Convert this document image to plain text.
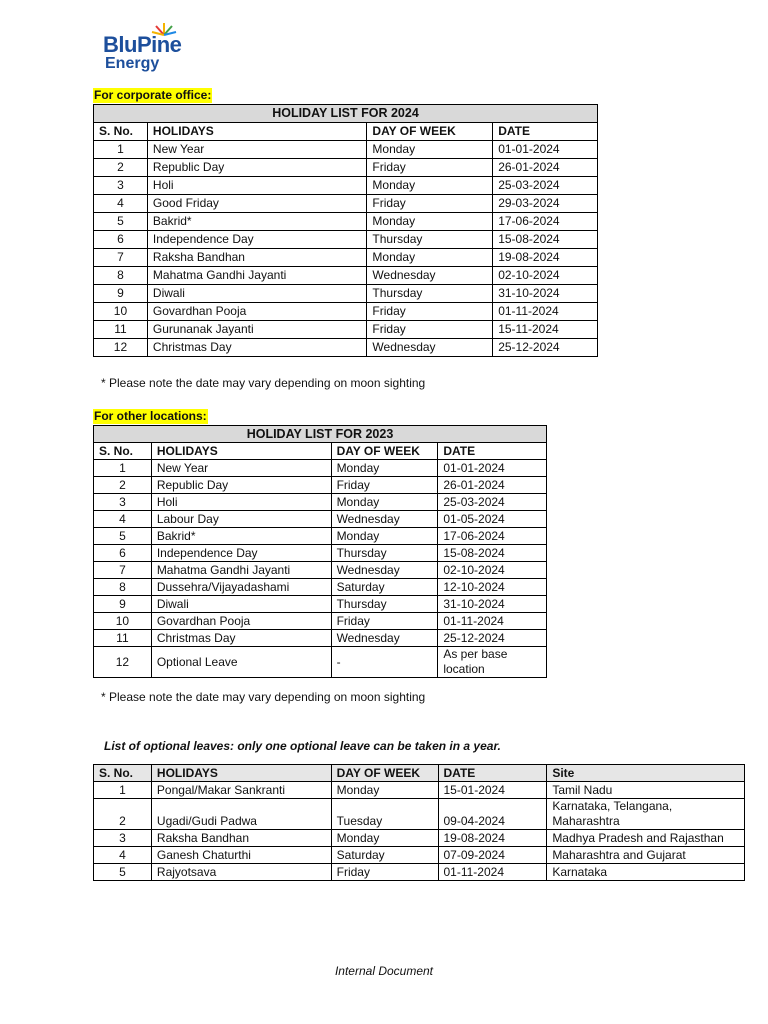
BluPine
Energy
For corporate office:
HOLIDAY LIST FOR 2024			
S. No.	HOLIDAYS	DAY OF WEEK	DATE
1	New Year	Monday	01-01-2024
2	Republic Day	Friday	26-01-2024
3	Holi	Monday	25-03-2024
4	Good Friday	Friday	29-03-2024
5	Bakrid*	Monday	17-06-2024
6	Independence Day	Thursday	15-08-2024
7	Raksha Bandhan	Monday	19-08-2024
8	Mahatma Gandhi Jayanti	Wednesday	02-10-2024
9	Diwali	Thursday	31-10-2024
10	Govardhan Pooja	Friday	01-11-2024
11	Gurunanak Jayanti	Friday	15-11-2024
12	Christmas Day	Wednesday	25-12-2024
* Please note the date may vary depending on moon sighting
For other locations:
HOLIDAY LIST FOR 2023			
S. No.	HOLIDAYS	DAY OF WEEK	DATE
1	New Year	Monday	01-01-2024
2	Republic Day	Friday	26-01-2024
3	Holi	Monday	25-03-2024
4	Labour Day	Wednesday	01-05-2024
5	Bakrid*	Monday	17-06-2024
6	Independence Day	Thursday	15-08-2024
7	Mahatma Gandhi Jayanti	Wednesday	02-10-2024
8	Dussehra/Vijayadashami	Saturday	12-10-2024
9	Diwali	Thursday	31-10-2024
10	Govardhan Pooja	Friday	01-11-2024
11	Christmas Day	Wednesday	25-12-2024
12	Optional Leave	-	As per base location
* Please note the date may vary depending on moon sighting
List of optional leaves: only one optional leave can be taken in a year.
S. No.	HOLIDAYS	DAY OF WEEK	DATE	Site
1	Pongal/Makar Sankranti	Monday	15-01-2024	Tamil Nadu
2	Ugadi/Gudi Padwa	Tuesday	09-04-2024	Karnataka, Telangana, Maharashtra
3	Raksha Bandhan	Monday	19-08-2024	Madhya Pradesh and Rajasthan
4	Ganesh Chaturthi	Saturday	07-09-2024	Maharashtra and Gujarat
5	Rajyotsava	Friday	01-11-2024	Karnataka
Internal Document
